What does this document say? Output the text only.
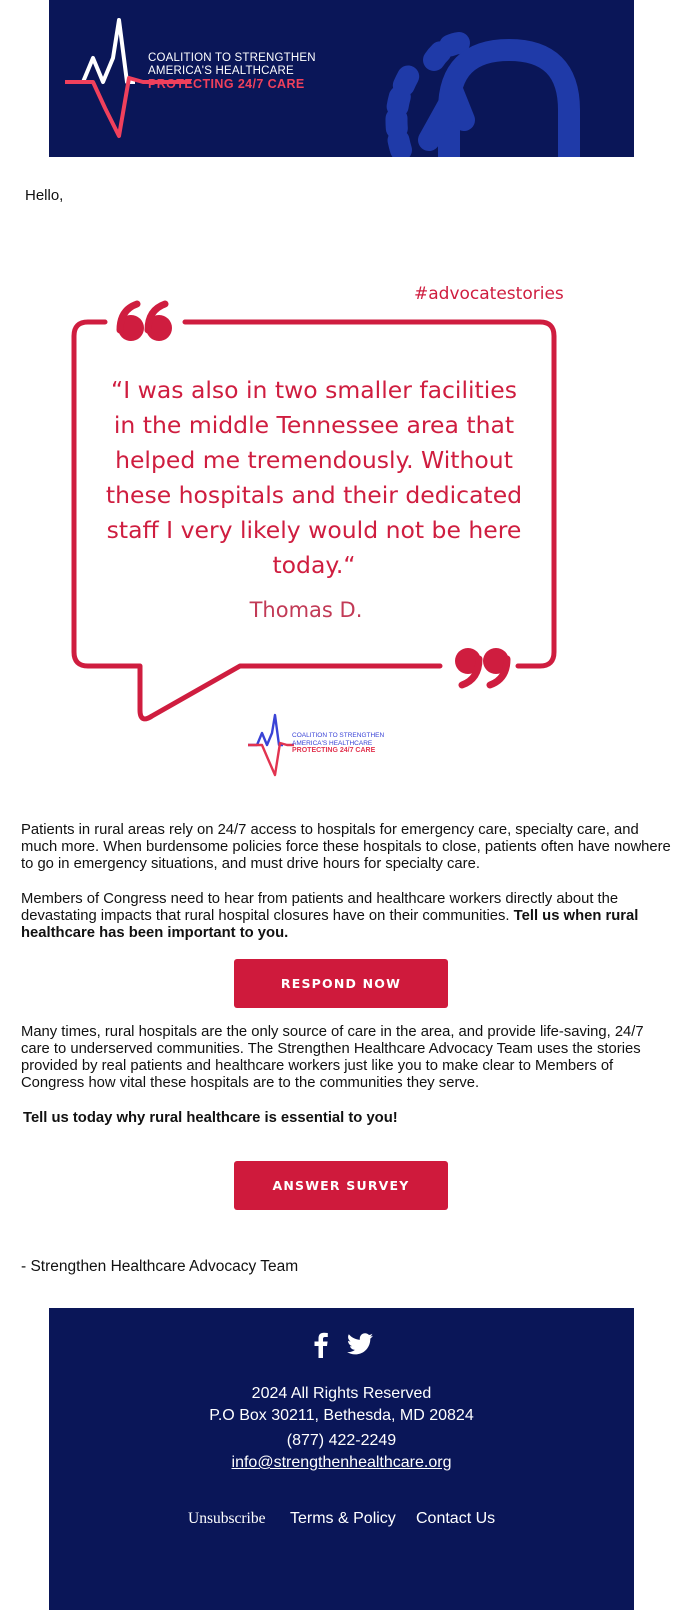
COALITION TO STRENGTHEN
AMERICA'S HEALTHCARE
PROTECTING 24/7 CARE
Hello,
#advocatestories
“I was also in two smaller facilities in the middle Tennessee area that helped me tremendously. Without these hospitals and their dedicated staff I very likely would not be here today.“
Thomas D.
COALITION TO STRENGTHEN
AMERICA'S HEALTHCARE
PROTECTING 24/7 CARE
Patients in rural areas rely on 24/7 access to hospitals for emergency care, specialty care, and much more. When burdensome policies force these hospitals to close, patients often have nowhere to go in emergency situations, and must drive hours for specialty care.
Members of Congress need to hear from patients and healthcare workers directly about the devastating impacts that rural hospital closures have on their communities. Tell us when rural healthcare has been important to you.
RESPOND NOW
Many times, rural hospitals are the only source of care in the area, and provide life-saving, 24/7 care to underserved communities. The Strengthen Healthcare Advocacy Team uses the stories provided by real patients and healthcare workers just like you to make clear to Members of Congress how vital these hospitals are to the communities they serve.
Tell us today why rural healthcare is essential to you!
ANSWER SURVEY
- Strengthen Healthcare Advocacy Team
2024 All Rights Reserved
P.O Box 30211, Bethesda, MD 20824
(877) 422-2249
info@strengthenhealthcare.org
Unsubscribe Terms & Policy Contact Us
